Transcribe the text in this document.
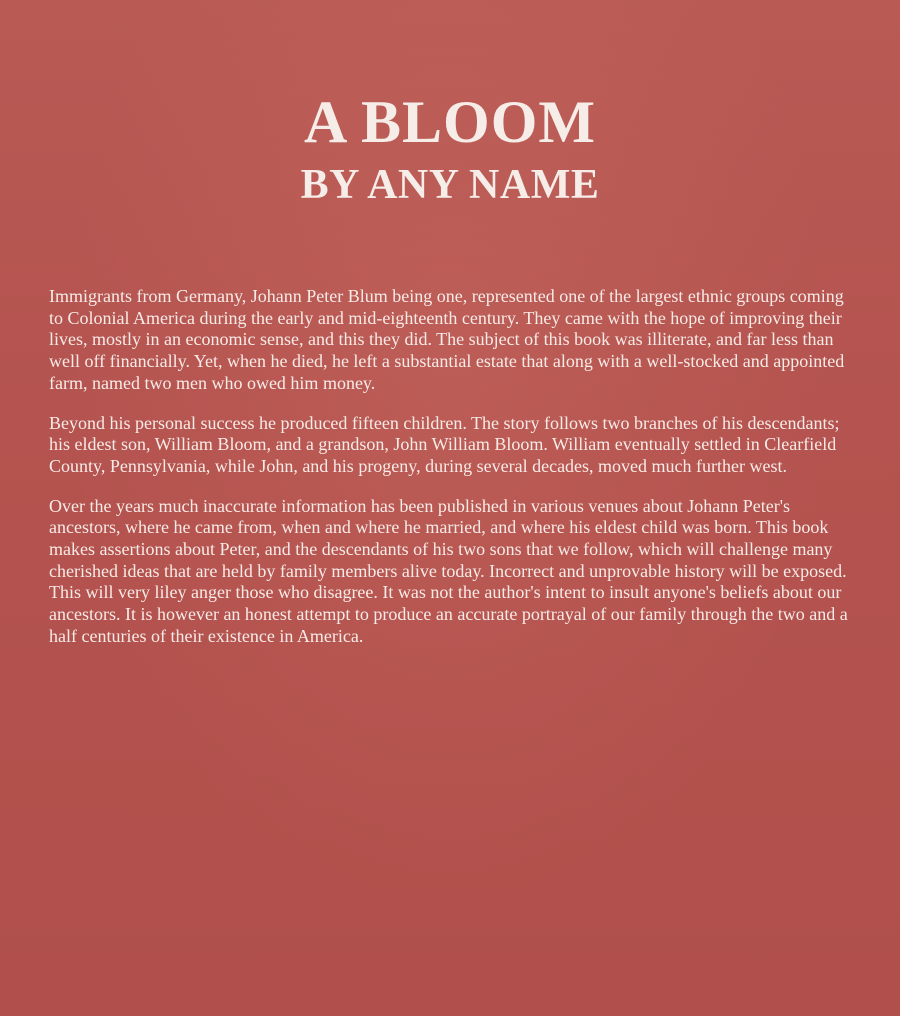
A BLOOM
BY ANY NAME

Immigrants from Germany, Johann Peter Blum being one, represented one of the largest ethnic groups coming to Colonial America during the early and mid-eighteenth century. They came with the hope of improving their lives, mostly in an economic sense, and this they did. The subject of this book was illiterate, and far less than well off financially. Yet, when he died, he left a substantial estate that along with a well-stocked and appointed farm, named two men who owed him money.

Beyond his personal success he produced fifteen children. The story follows two branches of his descendants; his eldest son, William Bloom, and a grandson, John William Bloom. William eventually settled in Clearfield County, Pennsylvania, while John, and his progeny, during several decades, moved much further west.

Over the years much inaccurate information has been published in various venues about Johann Peter's ancestors, where he came from, when and where he married, and where his eldest child was born. This book makes assertions about Peter, and the descendants of his two sons that we follow, which will challenge many cherished ideas that are held by family members alive today. Incorrect and unprovable history will be exposed. This will very liley anger those who disagree. It was not the author's intent to insult anyone's beliefs about our ancestors. It is however an honest attempt to produce an accurate portrayal of our family through the two and a half centuries of their existence in America.
